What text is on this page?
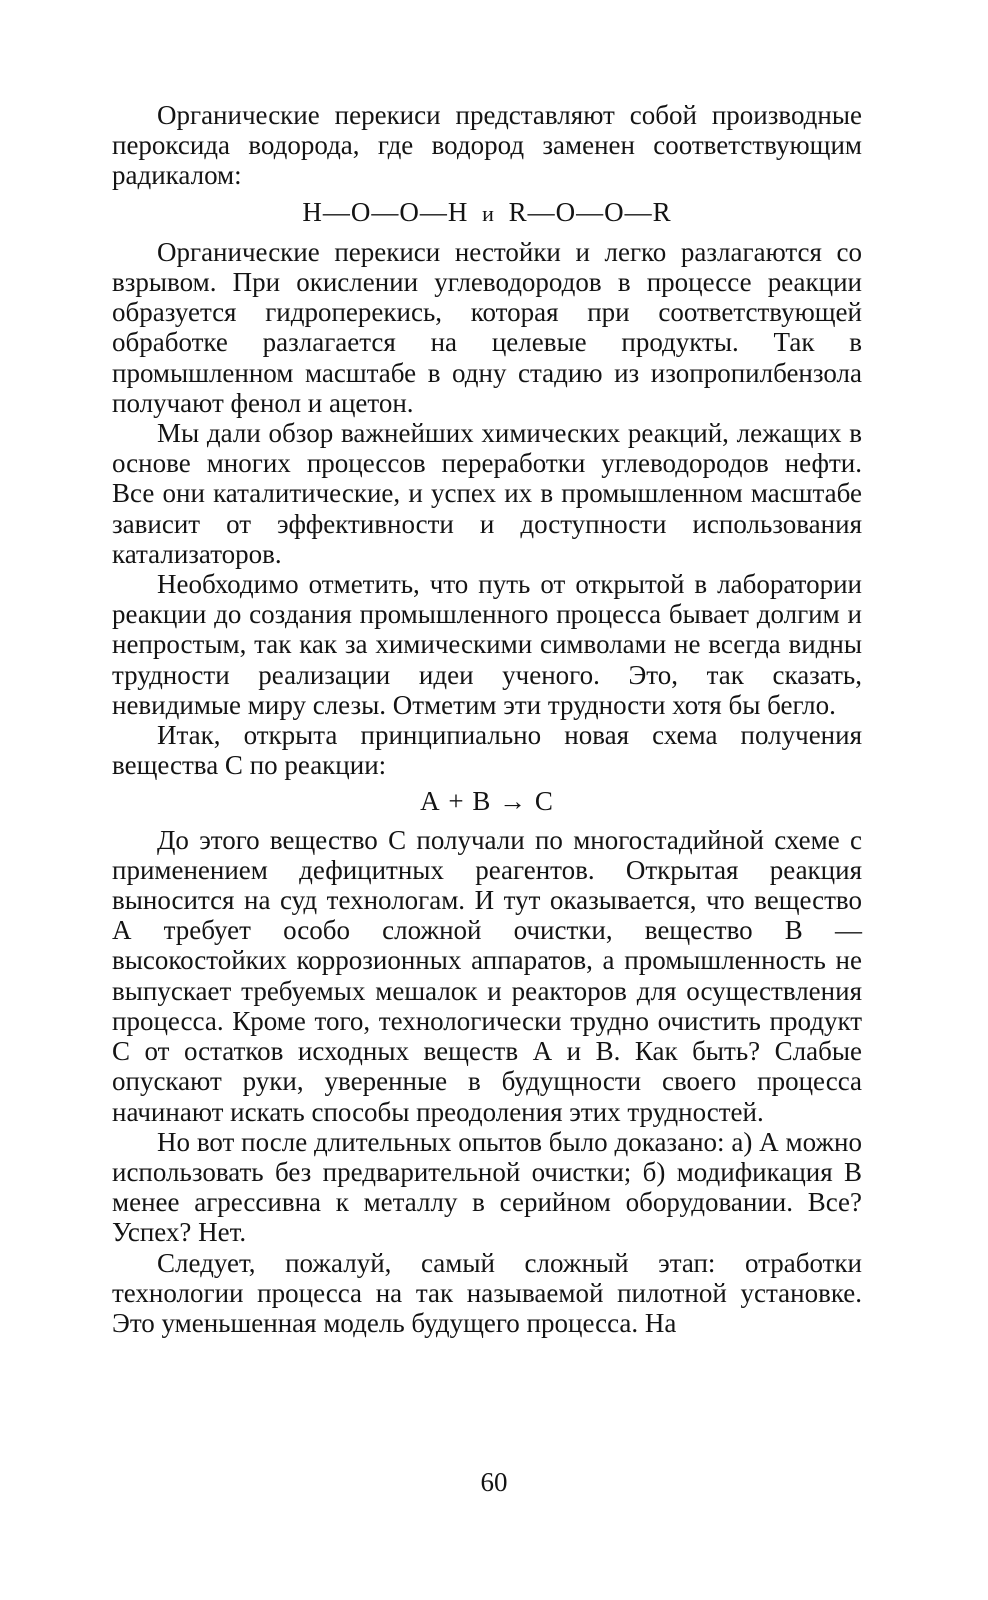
Органические перекиси представляют собой производные пероксида водорода, где водород заменен соответствующим радикалом:

Н—О—О—Н и R—О—О—R

Органические перекиси нестойки и легко разлагаются со взрывом. При окислении углеводородов в процессе реакции образуется гидроперекись, которая при соответствующей обработке разлагается на целевые продукты. Так в промышленном масштабе в одну стадию из изопропилбензола получают фенол и ацетон.

Мы дали обзор важнейших химических реакций, лежащих в основе многих процессов переработки углеводородов нефти. Все они каталитические, и успех их в промышленном масштабе зависит от эффективности и доступности использования катализаторов.

Необходимо отметить, что путь от открытой в лаборатории реакции до создания промышленного процесса бывает долгим и непростым, так как за химическими символами не всегда видны трудности реализации идеи ученого. Это, так сказать, невидимые миру слезы. Отметим эти трудности хотя бы бегло.

Итак, открыта принципиально новая схема получения вещества С по реакции:

А + В → С

До этого вещество С получали по многостадийной схеме с применением дефицитных реагентов. Открытая реакция выносится на суд технологам. И тут оказывается, что вещество А требует особо сложной очистки, вещество В — высокостойких коррозионных аппаратов, а промышленность не выпускает требуемых мешалок и реакторов для осуществления процесса. Кроме того, технологически трудно очистить продукт С от остатков исходных веществ А и В. Как быть? Слабые опускают руки, уверенные в будущности своего процесса начинают искать способы преодоления этих трудностей.

Но вот после длительных опытов было доказано: а) А можно использовать без предварительной очистки; б) модификация В менее агрессивна к металлу в серийном оборудовании. Все? Успех? Нет.

Следует, пожалуй, самый сложный этап: отработки технологии процесса на так называемой пилотной установке. Это уменьшенная модель будущего процесса. На

60
